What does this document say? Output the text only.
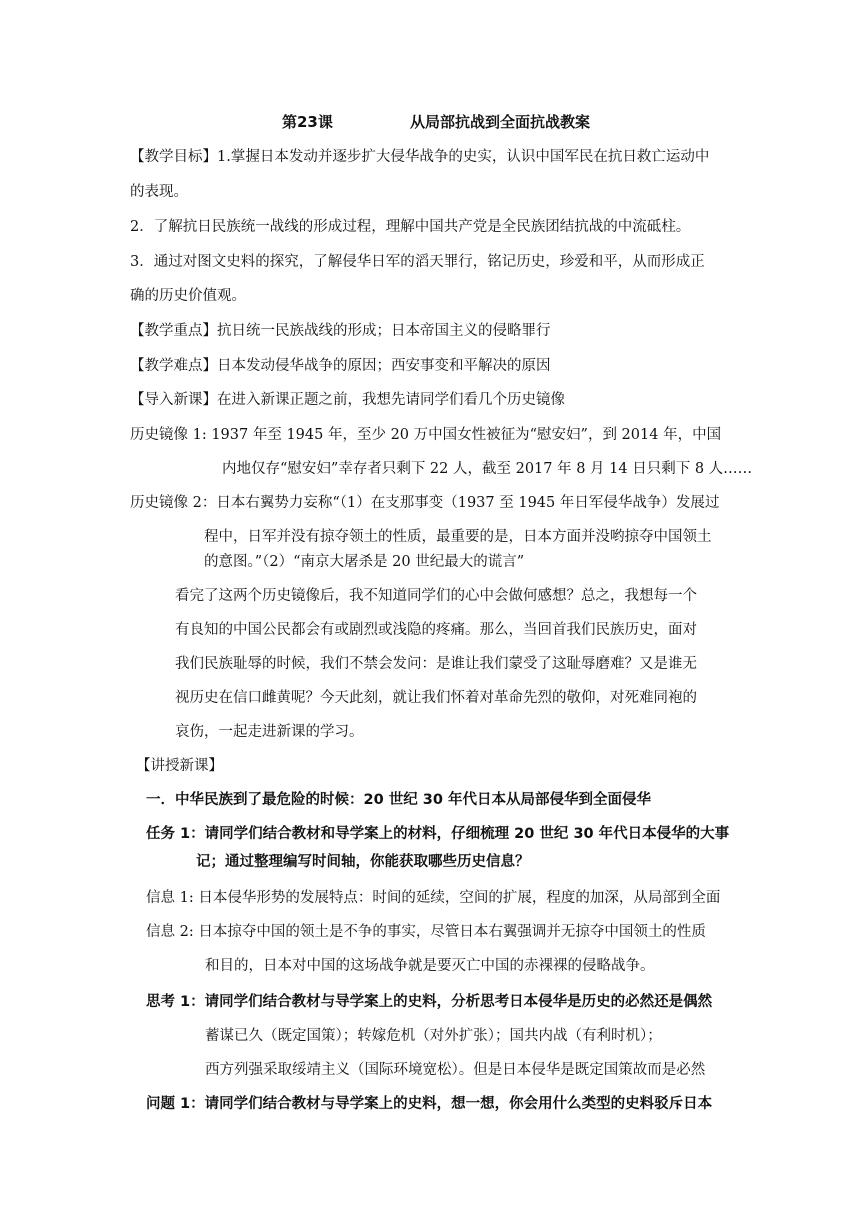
第23课	从局部抗战到全面抗战教案
【教学目标】1.掌握日本发动并逐步扩大侵华战争的史实，认识中国军民在抗日救亡运动中
的表现。
2．了解抗日民族统一战线的形成过程，理解中国共产党是全民族团结抗战的中流砥柱。
3．通过对图文史料的探究，了解侵华日军的滔天罪行，铭记历史，珍爱和平，从而形成正
确的历史价值观。
【教学重点】抗日统一民族战线的形成；日本帝国主义的侵略罪行
【教学难点】日本发动侵华战争的原因；西安事变和平解决的原因
【导入新课】在进入新课正题之前，我想先请同学们看几个历史镜像
历史镜像 1: 1937 年至 1945 年，至少 20 万中国女性被征为“慰安妇”，到 2014 年，中国
内地仅存“慰安妇”幸存者只剩下 22 人，截至 2017 年 8 月 14 日只剩下 8 人……
历史镜像 2：日本右翼势力妄称“（1）在支那事变（1937 至 1945 年日军侵华战争）发展过
程中，日军并没有掠夺领土的性质，最重要的是，日本方面并没哟掠夺中国领土
的意图。”（2）“南京大屠杀是 20 世纪最大的谎言”
看完了这两个历史镜像后，我不知道同学们的心中会做何感想？总之，我想每一个
有良知的中国公民都会有或剧烈或浅隐的疼痛。那么，当回首我们民族历史，面对
我们民族耻辱的时候，我们不禁会发问：是谁让我们蒙受了这耻辱磨难？又是谁无
视历史在信口雌黄呢？今天此刻，就让我们怀着对革命先烈的敬仰，对死难同袍的
哀伤，一起走进新课的学习。
【讲授新课】
一．中华民族到了最危险的时候：20 世纪 30 年代日本从局部侵华到全面侵华
任务 1：请同学们结合教材和导学案上的材料，仔细梳理 20 世纪 30 年代日本侵华的大事
记；通过整理编写时间轴，你能获取哪些历史信息？
信息 1: 日本侵华形势的发展特点：时间的延续，空间的扩展，程度的加深，从局部到全面
信息 2: 日本掠夺中国的领土是不争的事实，尽管日本右翼强调并无掠夺中国领土的性质
和目的，日本对中国的这场战争就是要灭亡中国的赤裸裸的侵略战争。
思考 1：请同学们结合教材与导学案上的史料，分析思考日本侵华是历史的必然还是偶然
蓄谋已久（既定国策）；转嫁危机（对外扩张）；国共内战（有利时机）；
西方列强采取绥靖主义（国际环境宽松）。但是日本侵华是既定国策故而是必然
问题 1：请同学们结合教材与导学案上的史料，想一想，你会用什么类型的史料驳斥日本
